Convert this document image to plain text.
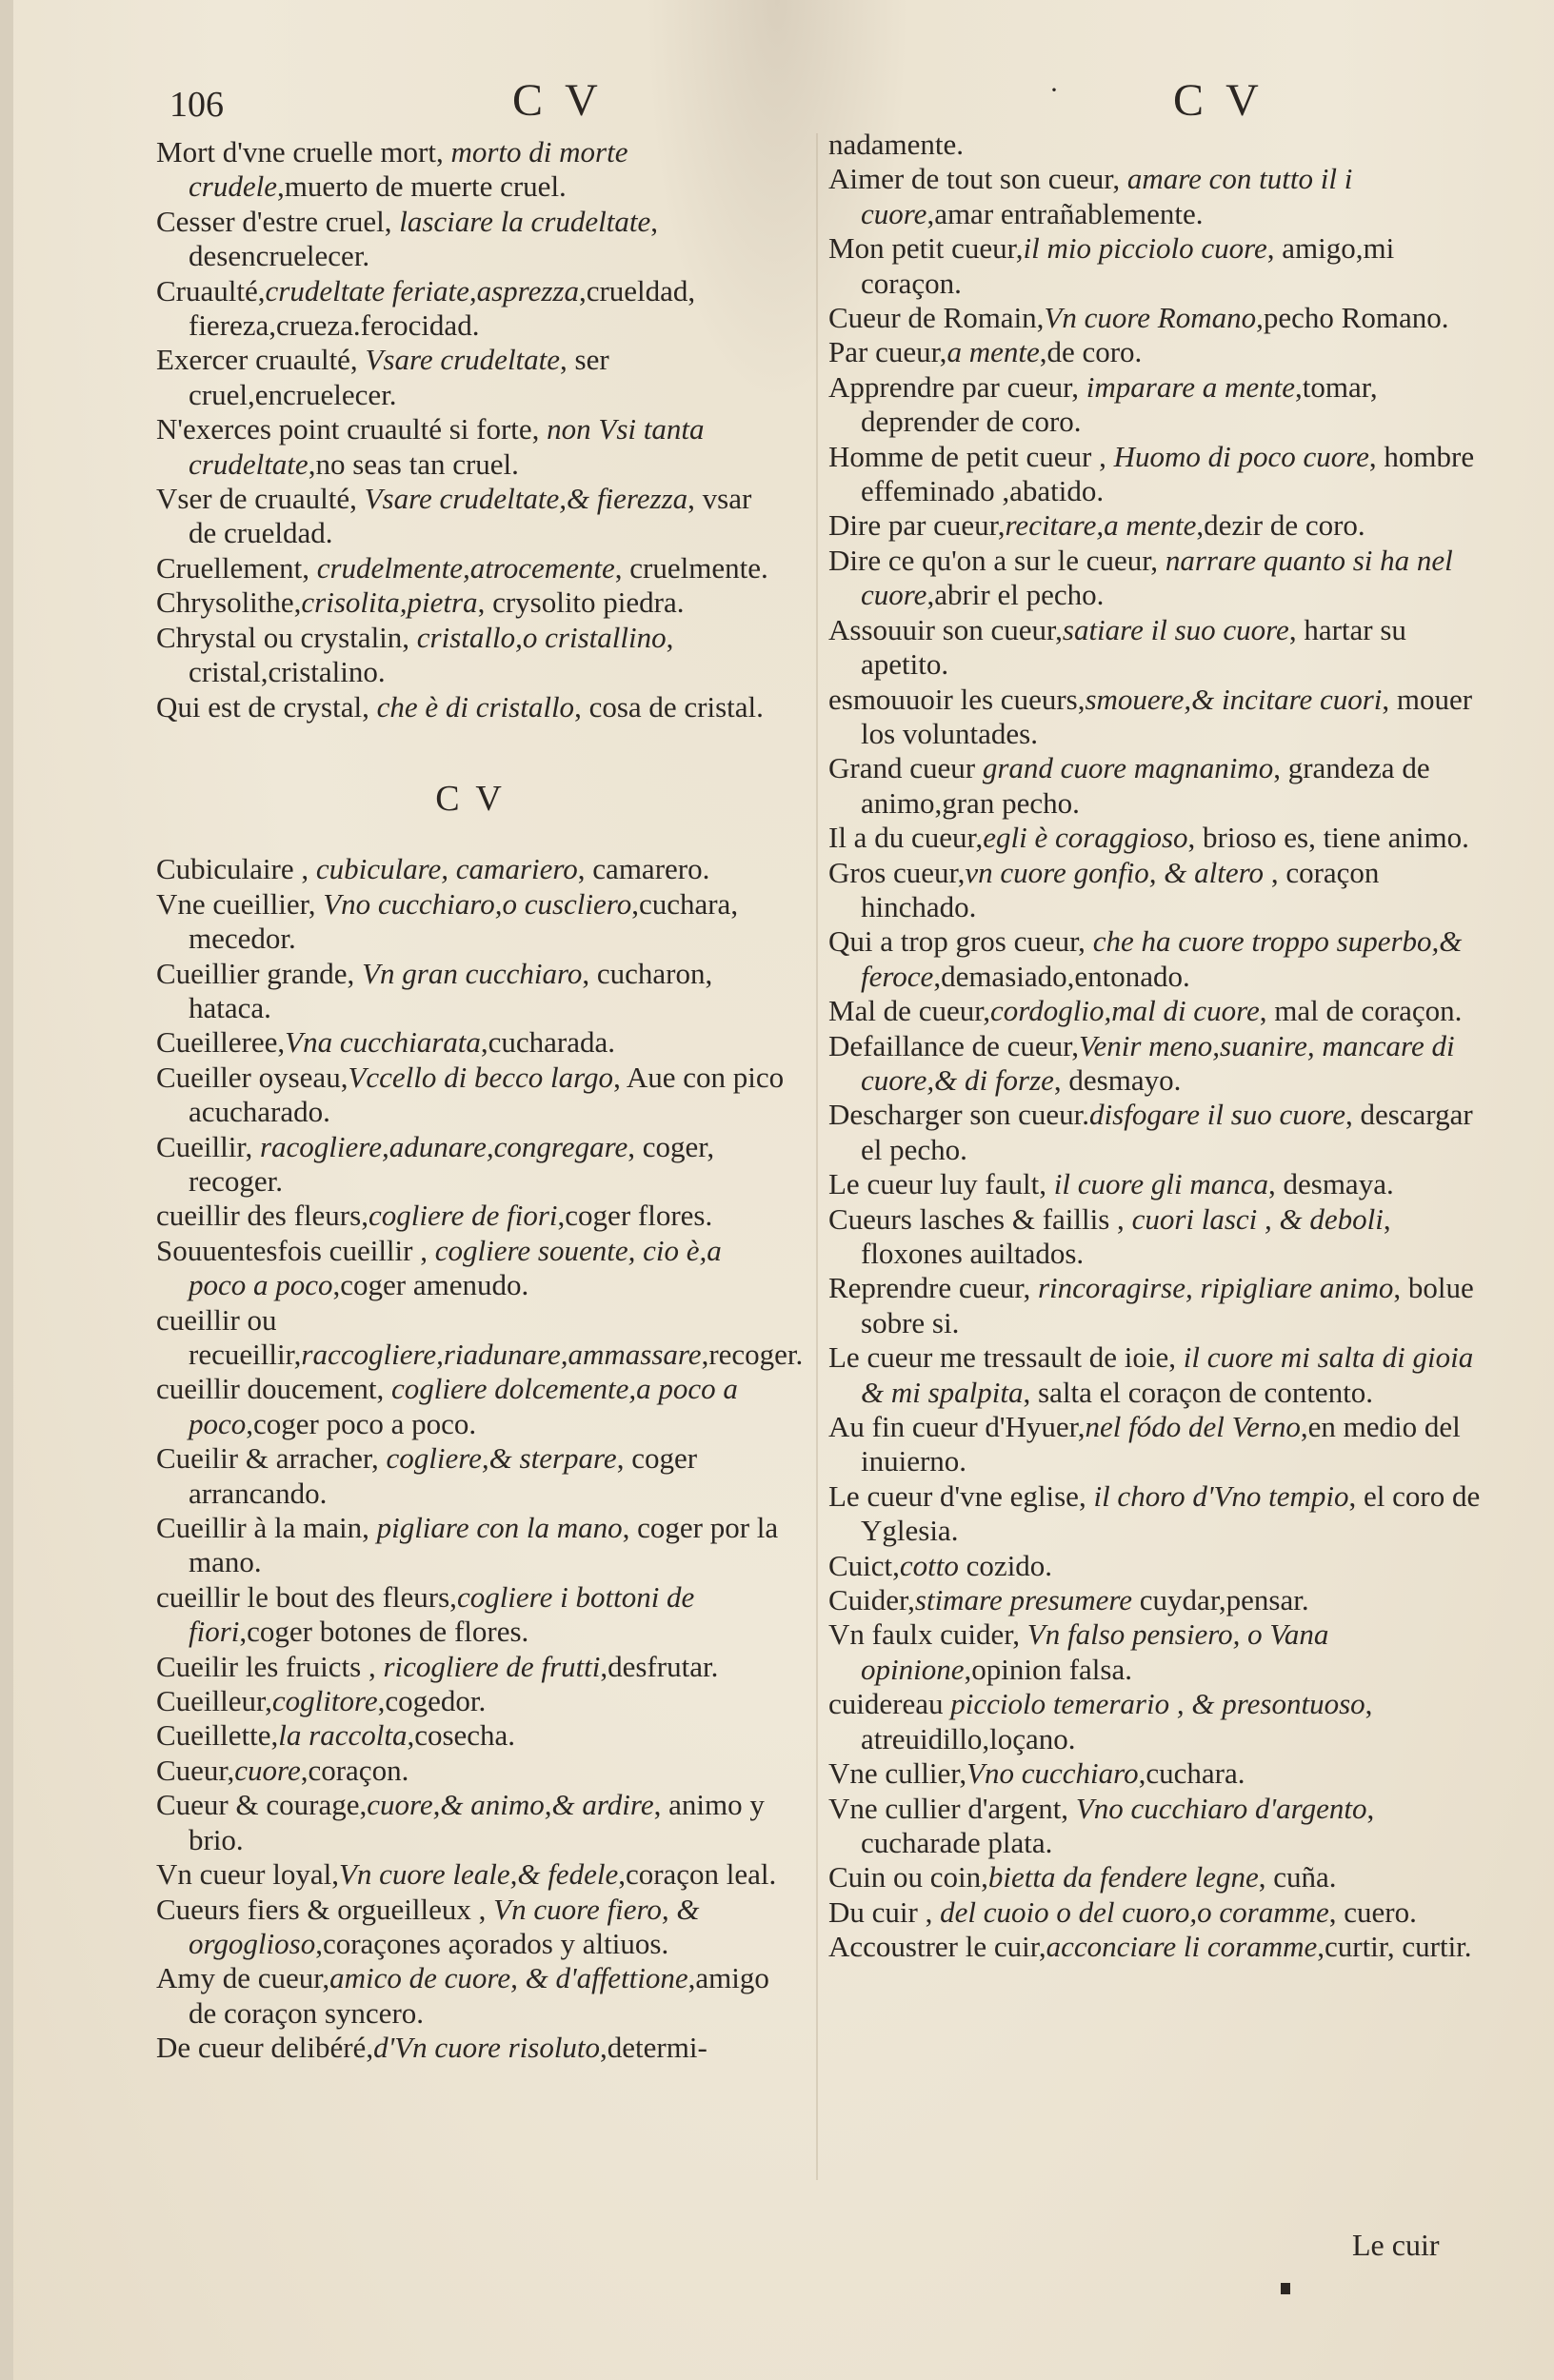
106	C V	·	C V

Mort d'vne cruelle mort, morto di morte crudele,muerto de muerte cruel.

Cesser d'estre cruel, lasciare la crudeltate, desencruelecer.

Cruaulté,crudeltate feriate,asprezza,crueldad, fiereza,crueza.ferocidad.

Exercer cruaulté, Vsare crudeltate, ser cruel,encruelecer.

N'exerces point cruaulté si forte, non Vsi tanta crudeltate,no seas tan cruel.

Vser de cruaulté, Vsare crudeltate,& fierezza, vsar de crueldad.

Cruellement, crudelmente,atrocemente, cruelmente.

Chrysolithe,crisolita,pietra, crysolito piedra.

Chrystal ou crystalin, cristallo,o cristallino, cristal,cristalino.

Qui est de crystal, che è di cristallo, cosa de cristal.

C V

Cubiculaire , cubiculare, camariero, camarero.

Vne cueillier, Vno cucchiaro,o cuscliero,cuchara, mecedor.

Cueillier grande, Vn gran cucchiaro, cucharon, hataca.

Cueilleree,Vna cucchiarata,cucharada.

Cueiller oyseau,Vccello di becco largo, Aue con pico acucharado.

Cueillir, racogliere,adunare,congregare, coger, recoger.

cueillir des fleurs,cogliere de fiori,coger flores.

Souuentesfois cueillir , cogliere souente, cio è,a poco a poco,coger amenudo.

cueillir ou recueillir,raccogliere,riadunare,ammassare,recoger.

cueillir doucement, cogliere dolcemente,a poco a poco,coger poco a poco.

Cueilir & arracher, cogliere,& sterpare, coger arrancando.

Cueillir à la main, pigliare con la mano, coger por la mano.

cueillir le bout des fleurs,cogliere i bottoni de fiori,coger botones de flores.

Cueilir les fruicts , ricogliere de frutti,desfrutar.

Cueilleur,coglitore,cogedor.

Cueillette,la raccolta,cosecha.

Cueur,cuore,coraçon.

Cueur & courage,cuore,& animo,& ardire, animo y brio.

Vn cueur loyal,Vn cuore leale,& fedele,coraçon leal.

Cueurs fiers & orgueilleux , Vn cuore fiero, & orgoglioso,coraçones açorados y altiuos.

Amy de cueur,amico de cuore, & d'affettione,amigo de coraçon syncero.

De cueur delibéré,d'Vn cuore risoluto,determi-

nadamente.

Aimer de tout son cueur, amare con tutto il i cuore,amar entrañablemente.

Mon petit cueur,il mio picciolo cuore, amigo,mi coraçon.

Cueur de Romain,Vn cuore Romano,pecho Romano.

Par cueur,a mente,de coro.

Apprendre par cueur, imparare a mente,tomar, deprender de coro.

Homme de petit cueur , Huomo di poco cuore, hombre effeminado ,abatido.

Dire par cueur,recitare,a mente,dezir de coro.

Dire ce qu'on a sur le cueur, narrare quanto si ha nel cuore,abrir el pecho.

Assouuir son cueur,satiare il suo cuore, hartar su apetito.

esmouuoir les cueurs,smouere,& incitare cuori, mouer los voluntades.

Grand cueur grand cuore magnanimo, grandeza de animo,gran pecho.

Il a du cueur,egli è coraggioso, brioso es, tiene animo.

Gros cueur,vn cuore gonfio, & altero , coraçon hinchado.

Qui a trop gros cueur, che ha cuore troppo superbo,& feroce,demasiado,entonado.

Mal de cueur,cordoglio,mal di cuore, mal de coraçon.

Defaillance de cueur,Venir meno,suanire, mancare di cuore,& di forze, desmayo.

Descharger son cueur.disfogare il suo cuore, descargar el pecho.

Le cueur luy fault, il cuore gli manca, desmaya.

Cueurs lasches & faillis , cuori lasci , & deboli, floxones auiltados.

Reprendre cueur, rincoragirse, ripigliare animo, bolue sobre si.

Le cueur me tressault de ioie, il cuore mi salta di gioia & mi spalpita, salta el coraçon de contento.

Au fin cueur d'Hyuer,nel fódo del Verno,en medio del inuierno.

Le cueur d'vne eglise, il choro d'Vno tempio, el coro de Yglesia.

Cuict,cotto cozido.

Cuider,stimare presumere cuydar,pensar.

Vn faulx cuider, Vn falso pensiero, o Vana opinione,opinion falsa.

cuidereau picciolo temerario , & presontuoso, atreuidillo,loçano.

Vne cullier,Vno cucchiaro,cuchara.

Vne cullier d'argent, Vno cucchiaro d'argento, cucharade plata.

Cuin ou coin,bietta da fendere legne, cuña.

Du cuir , del cuoio o del cuoro,o coramme, cuero.

Accoustrer le cuir,acconciare li coramme,curtir, curtir.

Le cuir
